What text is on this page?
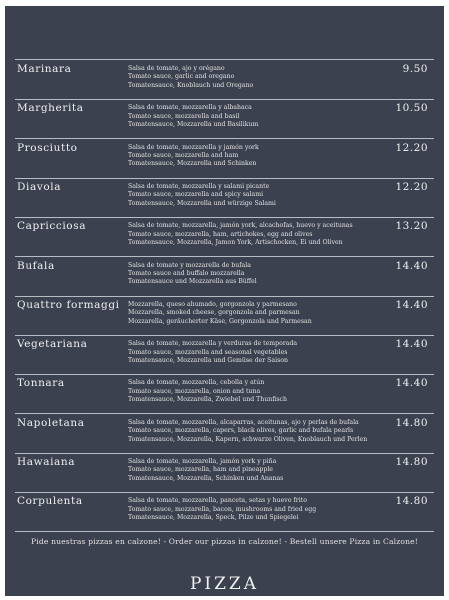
Marinara	Salsa de tomate, ajo y orégano
Tomato sauce, garlic and oregano
Tomatensauce, Knoblauch und Oregano
9.50
Margherita	Salsa de tomate, mozzarella y albahaca
Tomato sauce, mozzarella and basil
Tomatensauce, Mozzarella und Basilikum
10.50
Prosciutto	Salsa de tomate, mozzarella y jamón york
Tomato sauce, mozzarella and ham
Tomatensauce, Mozzarella und Schinken
12.20
Diavola	Salsa de tomate, mozzarella y salami picante
Tomato sauce, mozzarella and spicy salami
Tomatensauce, Mozzarella und würzige Salami
12.20
Capricciosa	Salsa de tomate, mozzarella, jamón york, alcachofas, huevo y aceitunas
Tomato sauce, mozzarella, ham, artichokes, egg and olives
Tomatensauce, Mozzarella, Jamon York, Artischocken, Ei und Oliven
13.20
Bufala	Salsa de tomate y mozzarella de bufala
Tomato sauce and buffalo mozzarella
Tomatensauce und Mozzarella aus Büffel
14.40
Quattro formaggi Mozzarella, queso ahumado, gorgonzola y parmesano
Mozzarella, smoked cheese, gorgonzola and parmesan
Mozzarella, geräucherter Käse, Gorgonzola und Parmesan
14.40
Vegetariana	Salsa de tomate, mozzarella y verduras de temporada
Tomato sauce, mozzarella and seasonal vegetables
Tomatensauce, Mozzarella und Gemüse der Saison
14.40
Tonnara	Salsa de tomate, mozzarella, cebolla y atún
Tomato sauce, mozzarella, onion and tuna
Tomatensauce, Mozzarella, Zwiebel und Thunfisch
14.40
Napoletana	Salsa de tomate, mozzarella, alcaparras, aceitunas, ajo y perlas de bufala
Tomato sauce, mozzarella, capers, black olives, garlic and bufala pearls
Tomatensauce, Mozzarella, Kapern, schwarze Oliven, Knoblauch und Perlen
14.80
Hawaiana	Salsa de tomate, mozzarella, jamón york y piña
Tomato sauce, mozzarella, ham and pineapple
Tomatensauce, Mozzarella, Schinken und Ananas
14.80
Corpulenta	Salsa de tomate, mozzarella, panceta, setas y huevo frito
Tomato sauce, mozzarella, bacon, mushrooms and fried egg
Tomatensauce, Mozzarella, Speck, Pilze und Spiegelei
14.80
Pide nuestras pizzas en calzone! - Order our pizzas in calzone! - Bestell unsere Pizza in Calzone!
PIZZA
